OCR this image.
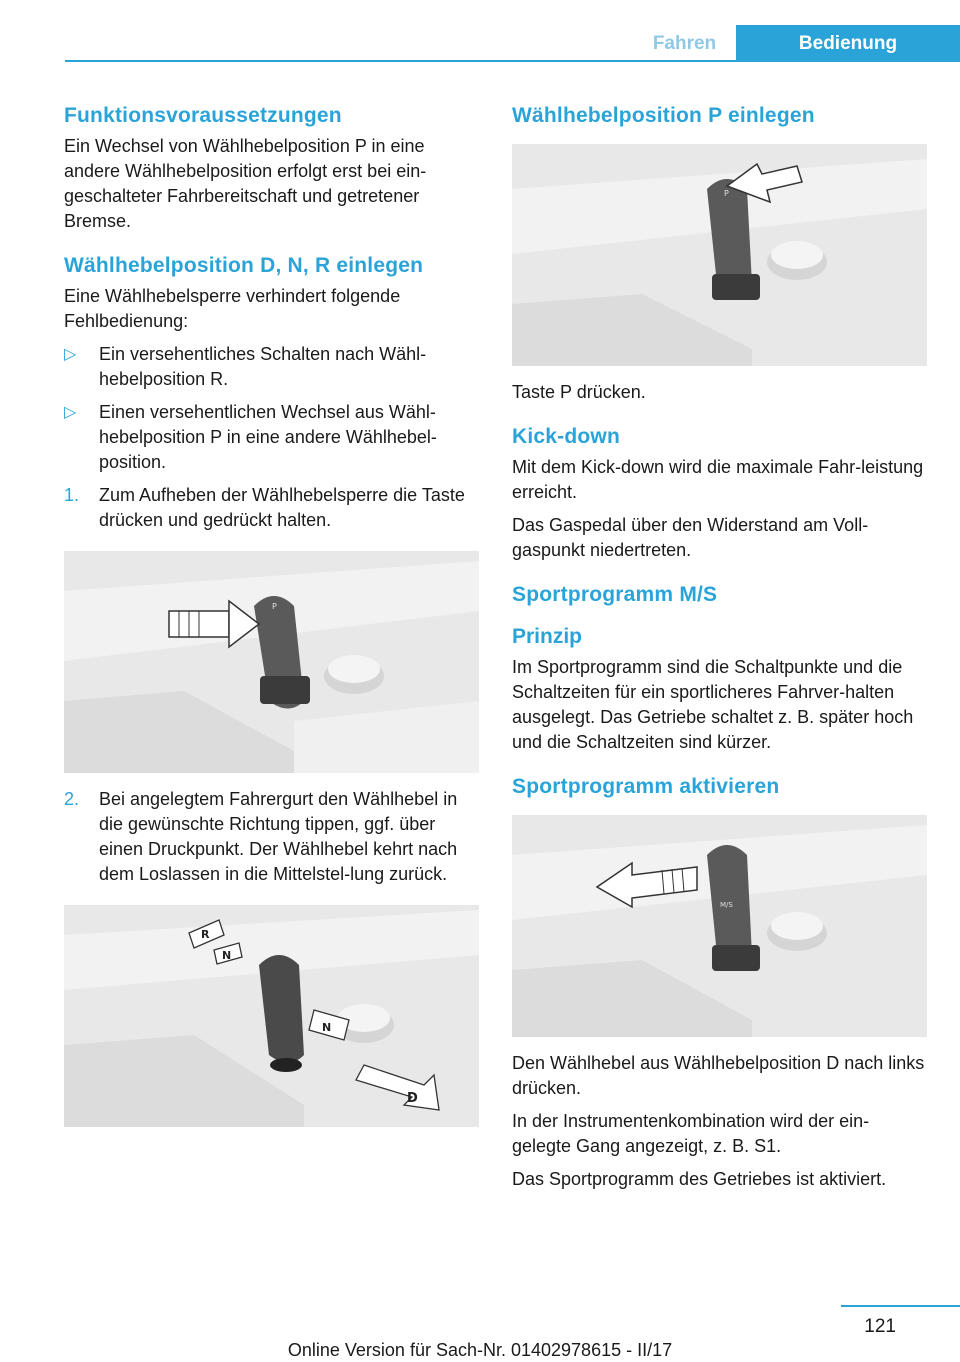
Fahren	Bedienung
Funktionsvoraussetzungen

Ein Wechsel von Wählhebelposition P in eine andere Wählhebelposition erfolgt erst bei ein‐geschalteter Fahrbereitschaft und getretener Bremse.

Wählhebelposition D, N, R einlegen

Eine Wählhebelsperre verhindert folgende Fehlbedienung:

▷ Ein versehentliches Schalten nach Wähl‐hebelposition R.
▷ Einen versehentlichen Wechsel aus Wähl‐hebelposition P in eine andere Wählhebel‐position.
1. Zum Aufheben der Wählhebelsperre die Taste drücken und gedrückt halten.
P
2. Bei angelegtem Fahrergurt den Wählhebel in die gewünschte Richtung tippen, ggf. über einen Druckpunkt. Der Wählhebel kehrt nach dem Loslassen in die Mittelstel‐lung zurück.
R
N
N
D
Wählhebelposition P einlegen
P

Taste P drücken.

Kick-down

Mit dem Kick-down wird die maximale Fahr‐leistung erreicht.

Das Gaspedal über den Widerstand am Voll‐gaspunkt niedertreten.

Sportprogramm M/S
Prinzip

Im Sportprogramm sind die Schaltpunkte und die Schaltzeiten für ein sportlicheres Fahrver‐halten ausgelegt. Das Getriebe schaltet z. B. später hoch und die Schaltzeiten sind kürzer.

Sportprogramm aktivieren
M/S

Den Wählhebel aus Wählhebelposition D nach links drücken.

In der Instrumentenkombination wird der ein‐gelegte Gang angezeigt, z. B. S1.

Das Sportprogramm des Getriebes ist aktiviert.

121
Online Version für Sach-Nr. 01402978615 - II/17
